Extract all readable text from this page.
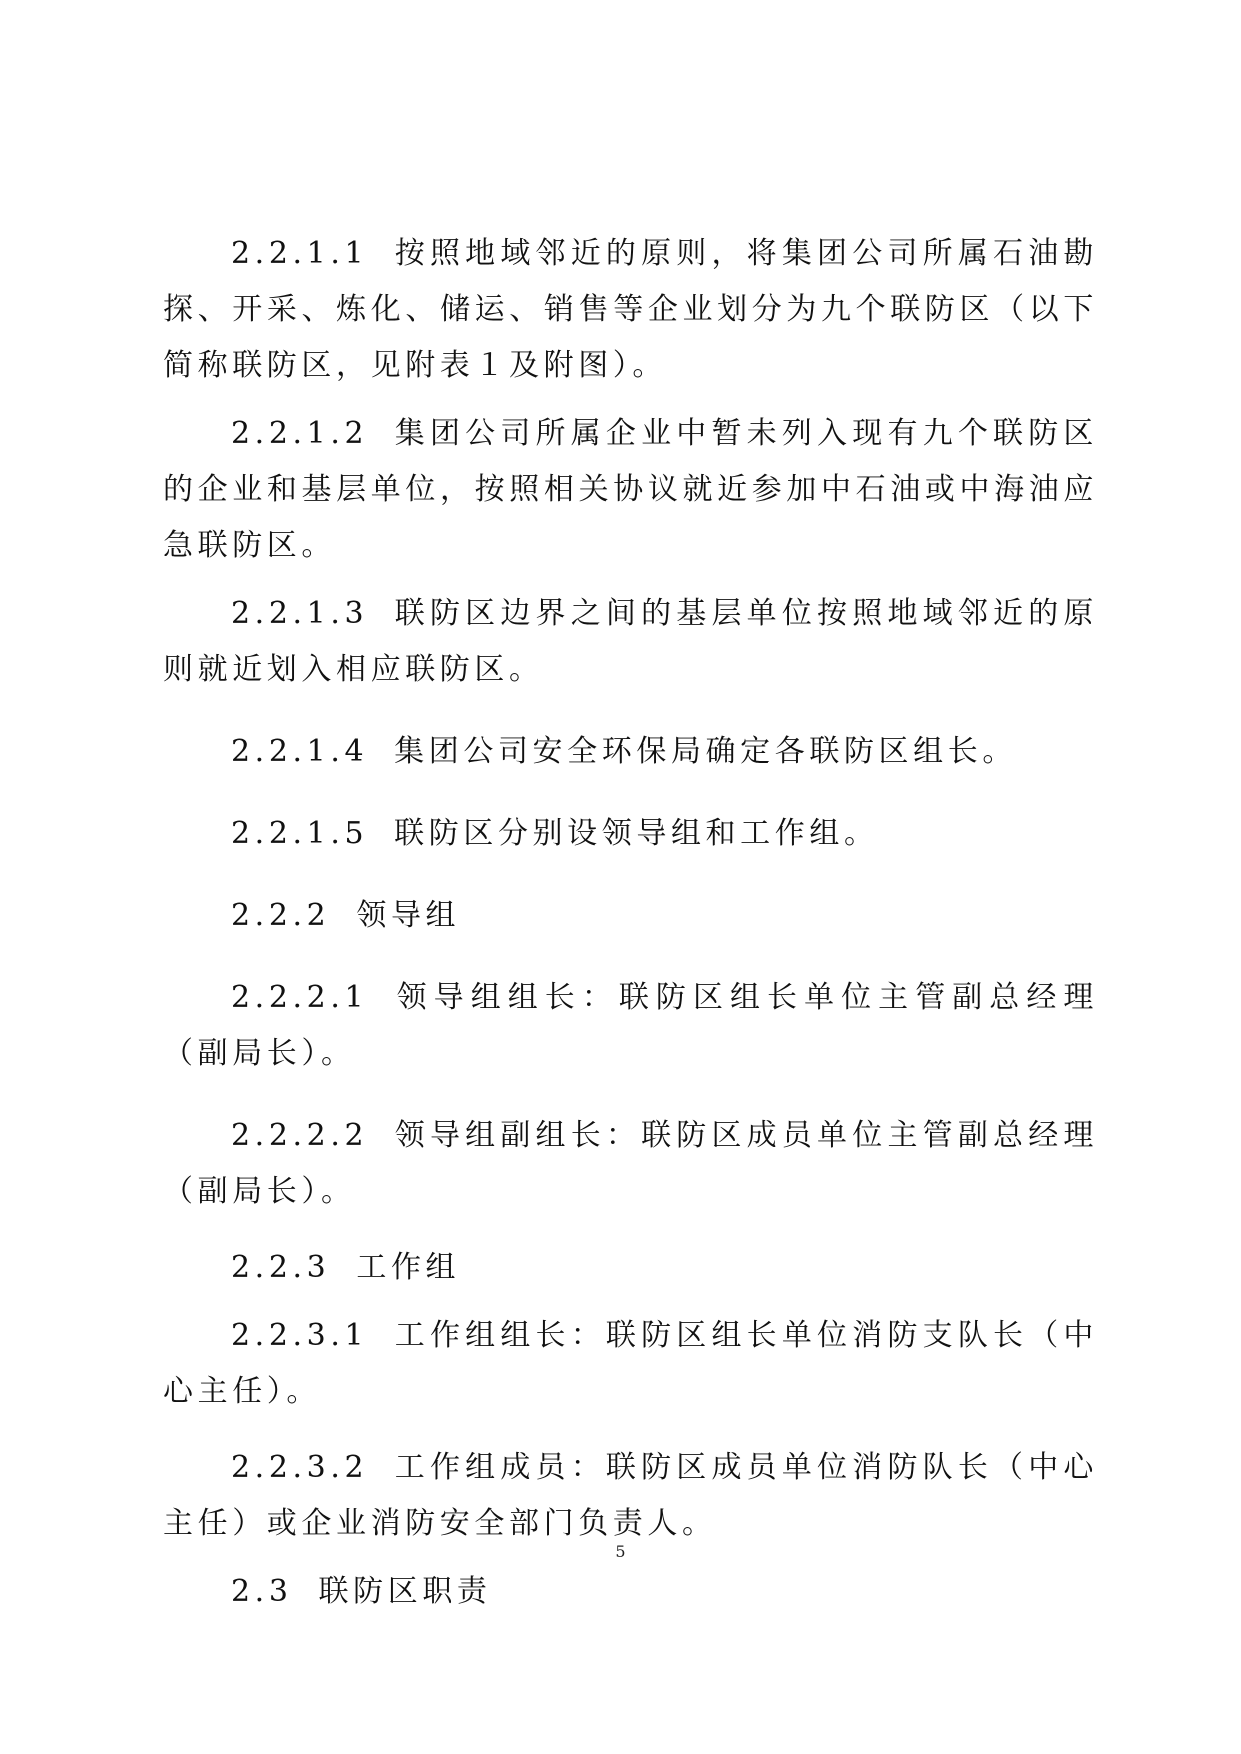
2.2.1.1 按照地域邻近的原则，将集团公司所属石油勘探、开采、炼化、储运、销售等企业划分为九个联防区（以下简称联防区，见附表１及附图）。

2.2.1.2 集团公司所属企业中暂未列入现有九个联防区的企业和基层单位，按照相关协议就近参加中石油或中海油应急联防区。

2.2.1.3 联防区边界之间的基层单位按照地域邻近的原则就近划入相应联防区。

2.2.1.4 集团公司安全环保局确定各联防区组长。

2.2.1.5 联防区分别设领导组和工作组。

2.2.2 领导组

2.2.2.1 领导组组长：联防区组长单位主管副总经理（副局长）。

2.2.2.2 领导组副组长：联防区成员单位主管副总经理（副局长）。

2.2.3 工作组

2.2.3.1 工作组组长：联防区组长单位消防支队长（中心主任）。

2.2.3.2 工作组成员：联防区成员单位消防队长（中心主任）或企业消防安全部门负责人。

2.3 联防区职责

5
